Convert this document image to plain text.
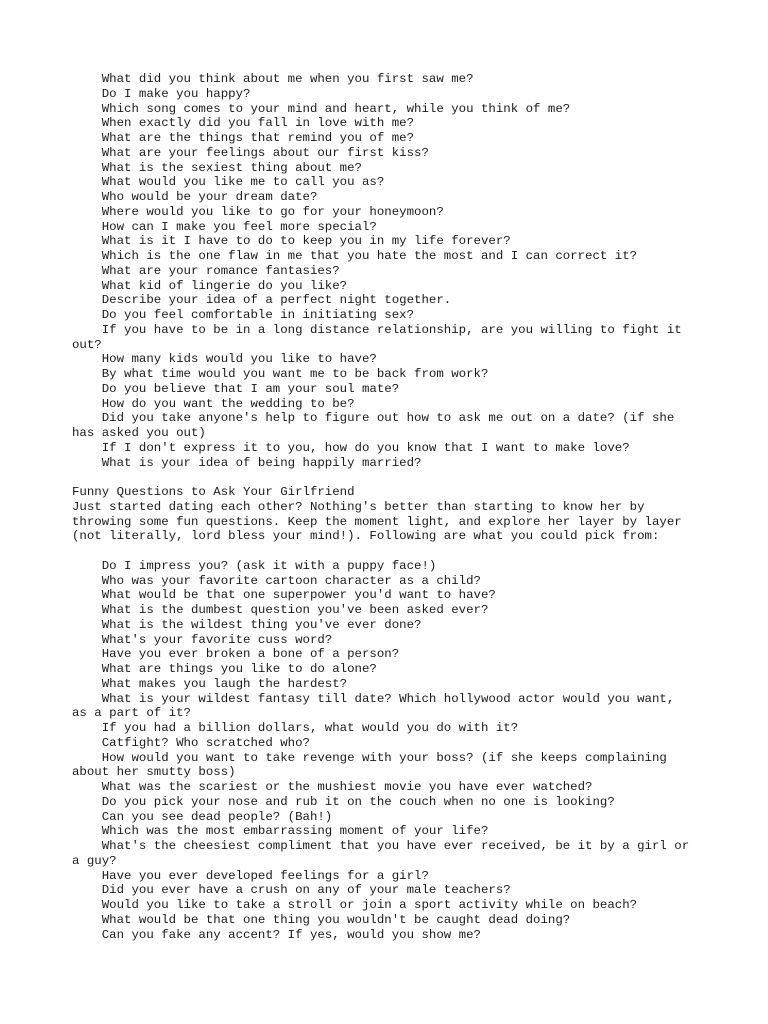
What did you think about me when you first saw me?
Do I make you happy?
Which song comes to your mind and heart, while you think of me?
When exactly did you fall in love with me?
What are the things that remind you of me?
What are your feelings about our first kiss?
What is the sexiest thing about me?
What would you like me to call you as?
Who would be your dream date?
Where would you like to go for your honeymoon?
How can I make you feel more special?
What is it I have to do to keep you in my life forever?
Which is the one flaw in me that you hate the most and I can correct it?
What are your romance fantasies?
What kid of lingerie do you like?
Describe your idea of a perfect night together.
Do you feel comfortable in initiating sex?
If you have to be in a long distance relationship, are you willing to fight it
out?
How many kids would you like to have?
By what time would you want me to be back from work?
Do you believe that I am your soul mate?
How do you want the wedding to be?
Did you take anyone's help to figure out how to ask me out on a date? (if she
has asked you out)
If I don't express it to you, how do you know that I want to make love?
What is your idea of being happily married?
Funny Questions to Ask Your Girlfriend
Just started dating each other? Nothing's better than starting to know her by
throwing some fun questions. Keep the moment light, and explore her layer by layer
(not literally, lord bless your mind!). Following are what you could pick from:
Do I impress you? (ask it with a puppy face!)
Who was your favorite cartoon character as a child?
What would be that one superpower you'd want to have?
What is the dumbest question you've been asked ever?
What is the wildest thing you've ever done?
What's your favorite cuss word?
Have you ever broken a bone of a person?
What are things you like to do alone?
What makes you laugh the hardest?
What is your wildest fantasy till date? Which hollywood actor would you want,
as a part of it?
If you had a billion dollars, what would you do with it?
Catfight? Who scratched who?
How would you want to take revenge with your boss? (if she keeps complaining
about her smutty boss)
What was the scariest or the mushiest movie you have ever watched?
Do you pick your nose and rub it on the couch when no one is looking?
Can you see dead people? (Bah!)
Which was the most embarrassing moment of your life?
What's the cheesiest compliment that you have ever received, be it by a girl or
a guy?
Have you ever developed feelings for a girl?
Did you ever have a crush on any of your male teachers?
Would you like to take a stroll or join a sport activity while on beach?
What would be that one thing you wouldn't be caught dead doing?
Can you fake any accent? If yes, would you show me?
